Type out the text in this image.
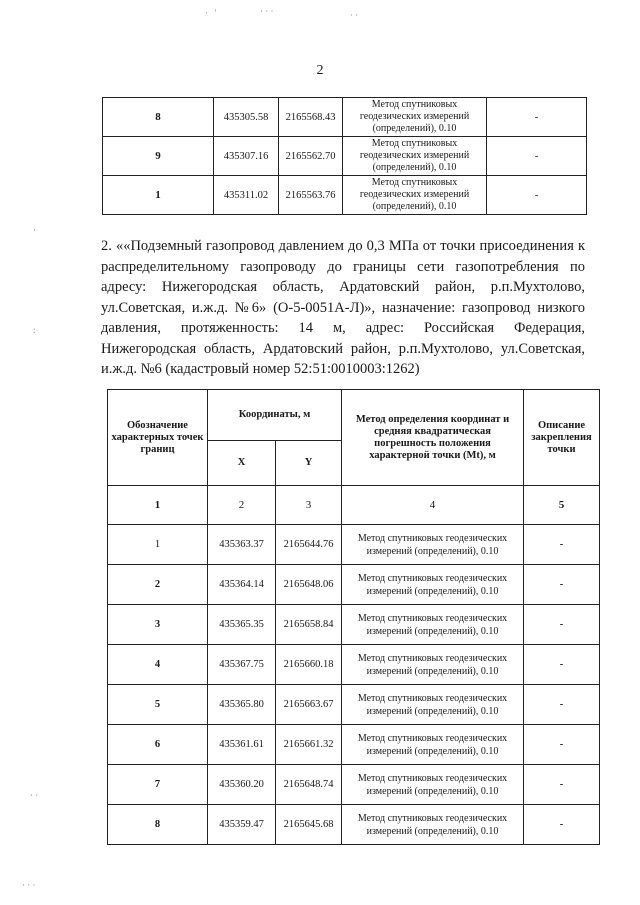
·   '	· · ·	· ·
·
:
· ·
· · ·
2
8	435305.58	2165568.43	Метод спутниковых геодезических измерений (определений), 0.10	-
9	435307.16	2165562.70	Метод спутниковых геодезических измерений (определений), 0.10	-
1	435311.02	2165563.76	Метод спутниковых геодезических измерений (определений), 0.10	-
2. ««Подземный газопровод давлением до 0,3 МПа от точки присоединения к распределительному газопроводу до границы сети газопотребления по адресу: Нижегородская область, Ардатовский район, р.п.Мухтолово, ул.Советская, и.ж.д. №6» (О-5-0051А-Л)», назначение: газопровод низкого давления, протяженность: 14 м, адрес: Российская Федерация, Нижегородская область, Ардатовский район, р.п.Мухтолово, ул.Советская, и.ж.д. №6 (кадастровый номер 52:51:0010003:1262)
Обозначение характерных точек границ	Координаты, м		Метод определения координат и средняя квадратическая погрешность положения характерной точки (Mt), м	Описание закрепления точки
	X	Y		
1	2	3	4	5
1	435363.37	2165644.76	Метод спутниковых геодезических измерений (определений), 0.10	-
2	435364.14	2165648.06	Метод спутниковых геодезических измерений (определений), 0.10	-
3	435365.35	2165658.84	Метод спутниковых геодезических измерений (определений), 0.10	-
4	435367.75	2165660.18	Метод спутниковых геодезических измерений (определений), 0.10	-
5	435365.80	2165663.67	Метод спутниковых геодезических измерений (определений), 0.10	-
6	435361.61	2165661.32	Метод спутниковых геодезических измерений (определений), 0.10	-
7	435360.20	2165648.74	Метод спутниковых геодезических измерений (определений), 0.10	-
8	435359.47	2165645.68	Метод спутниковых геодезических измерений (определений), 0.10	-
